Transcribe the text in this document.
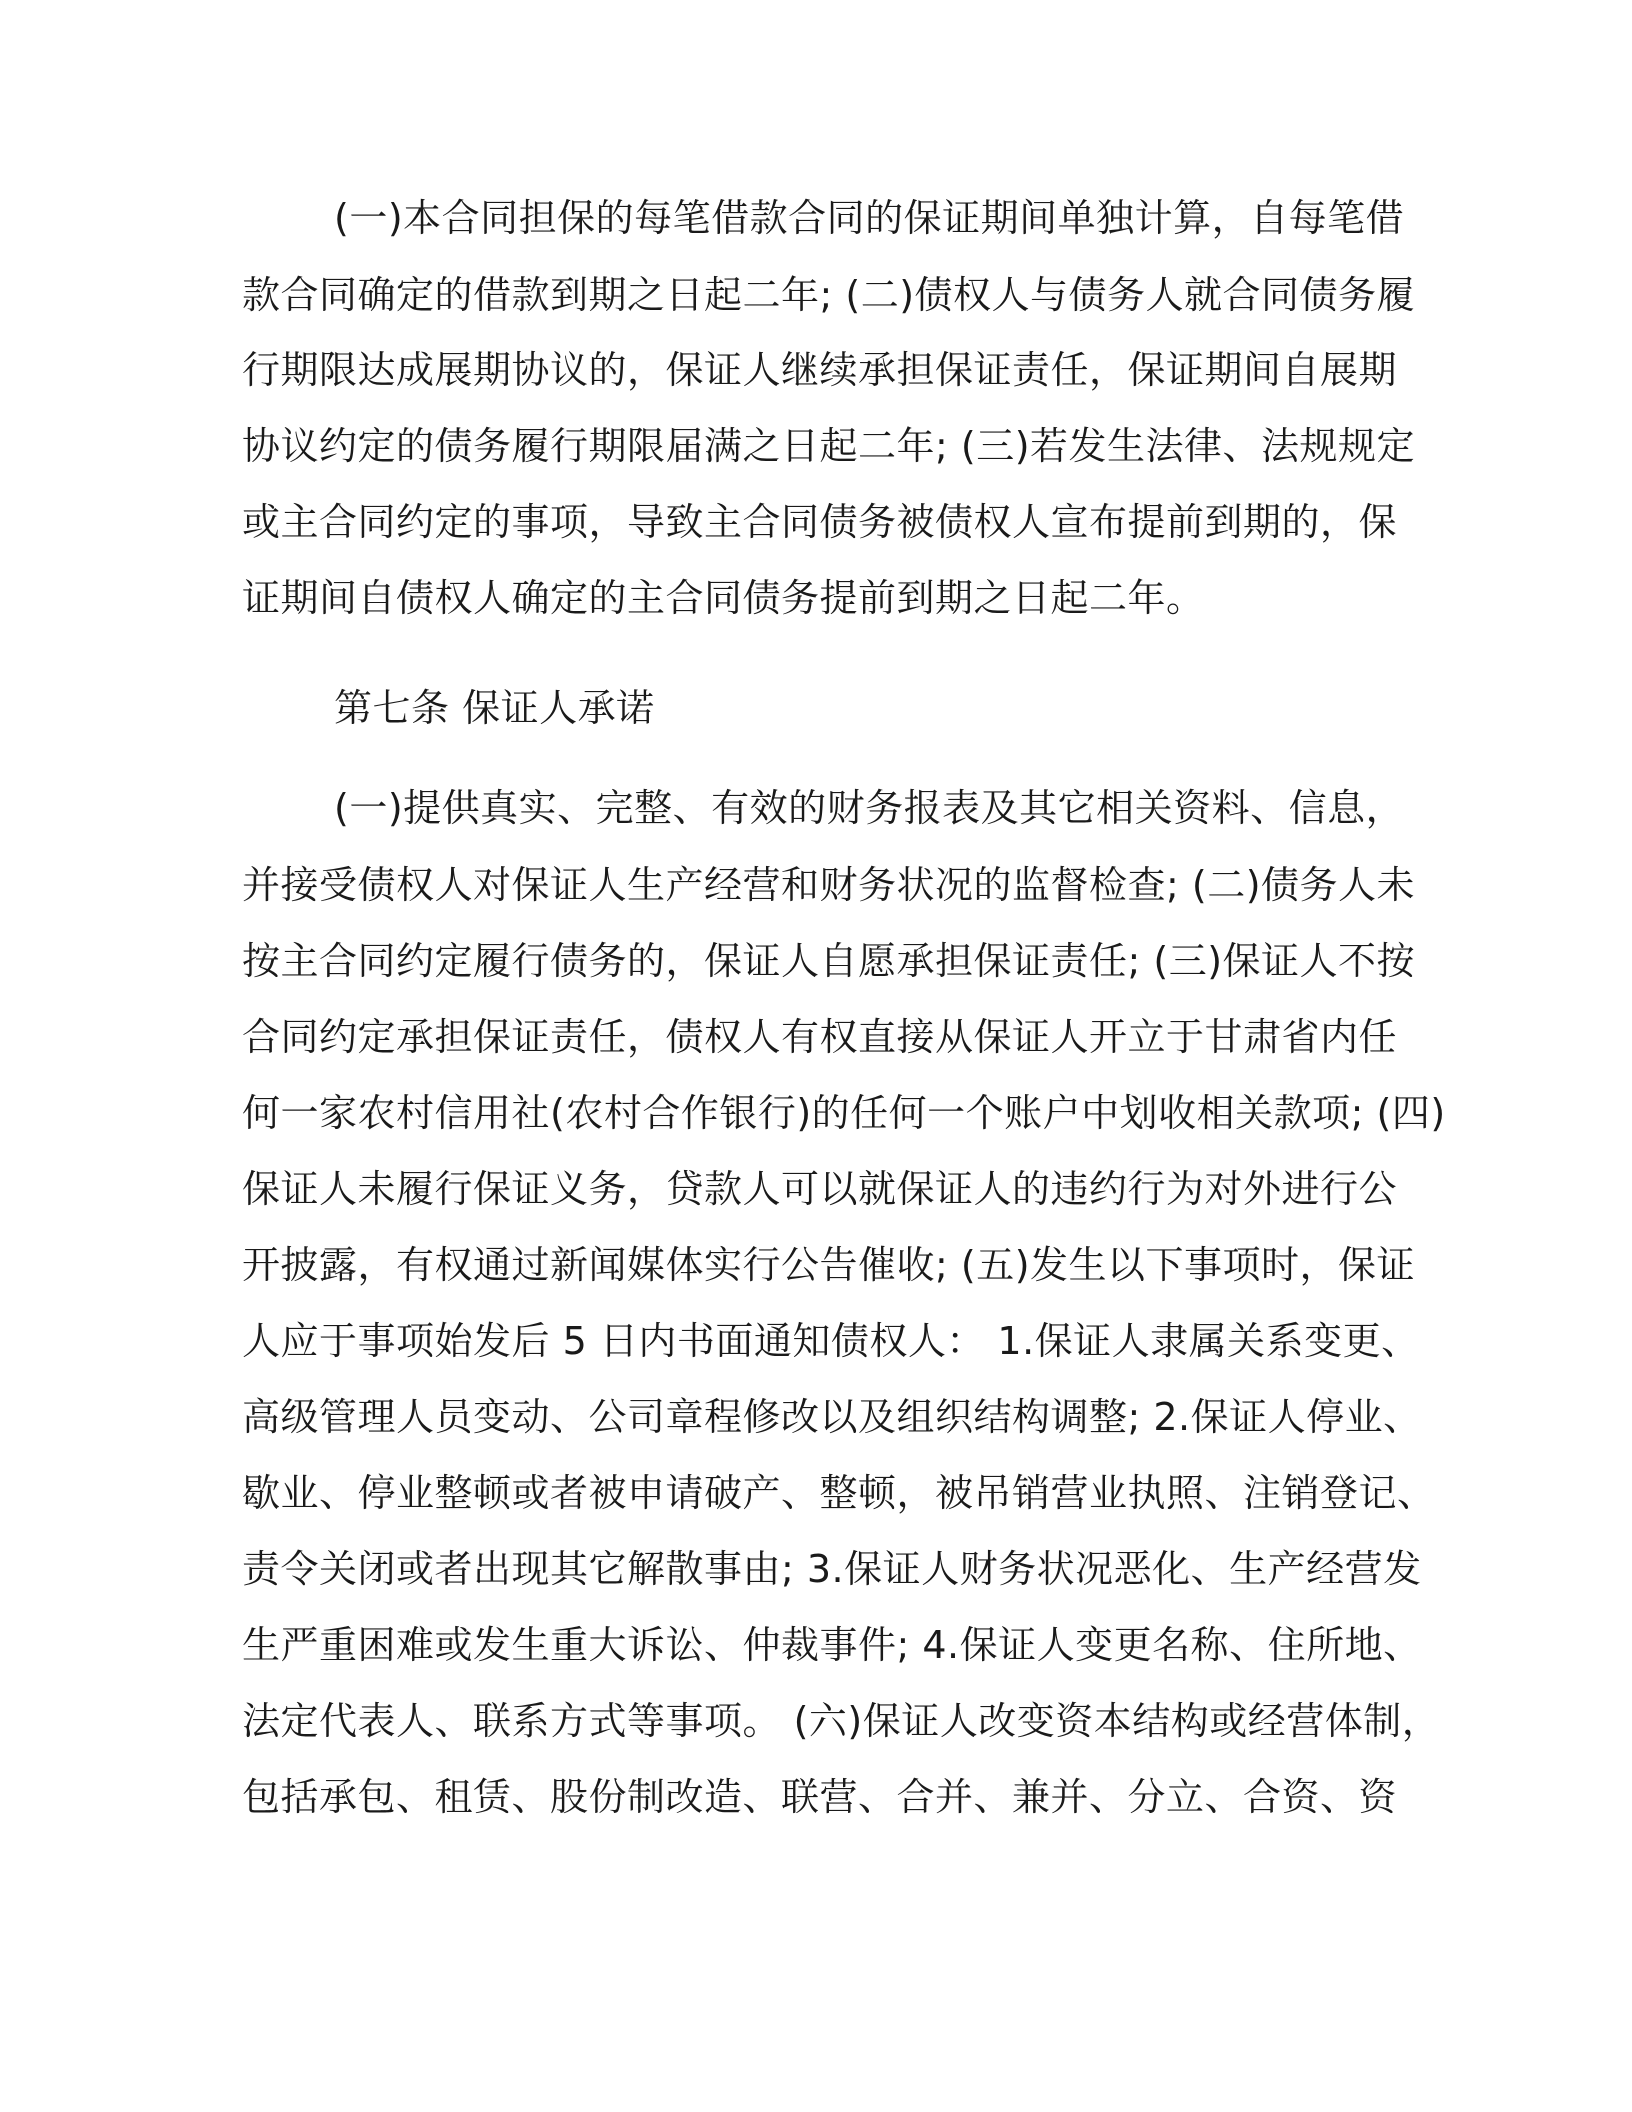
(一)本合同担保的每笔借款合同的保证期间单独计算，自每笔借
款合同确定的借款到期之日起二年; (二)债权人与债务人就合同债务履
行期限达成展期协议的，保证人继续承担保证责任，保证期间自展期
协议约定的债务履行期限届满之日起二年; (三)若发生法律、法规规定
或主合同约定的事项，导致主合同债务被债权人宣布提前到期的，保
证期间自债权人确定的主合同债务提前到期之日起二年。
第七条 保证人承诺
(一)提供真实、完整、有效的财务报表及其它相关资料、信息，
并接受债权人对保证人生产经营和财务状况的监督检查; (二)债务人未
按主合同约定履行债务的，保证人自愿承担保证责任; (三)保证人不按
合同约定承担保证责任，债权人有权直接从保证人开立于甘肃省内任
何一家农村信用社(农村合作银行)的任何一个账户中划收相关款项; (四)
保证人未履行保证义务，贷款人可以就保证人的违约行为对外进行公
开披露，有权通过新闻媒体实行公告催收; (五)发生以下事项时，保证
人应于事项始发后 5 日内书面通知债权人： 1.保证人隶属关系变更、
高级管理人员变动、公司章程修改以及组织结构调整; 2.保证人停业、
歇业、停业整顿或者被申请破产、整顿，被吊销营业执照、注销登记、
责令关闭或者出现其它解散事由; 3.保证人财务状况恶化、生产经营发
生严重困难或发生重大诉讼、仲裁事件; 4.保证人变更名称、住所地、
法定代表人、联系方式等事项。 (六)保证人改变资本结构或经营体制，
包括承包、租赁、股份制改造、联营、合并、兼并、分立、合资、资
